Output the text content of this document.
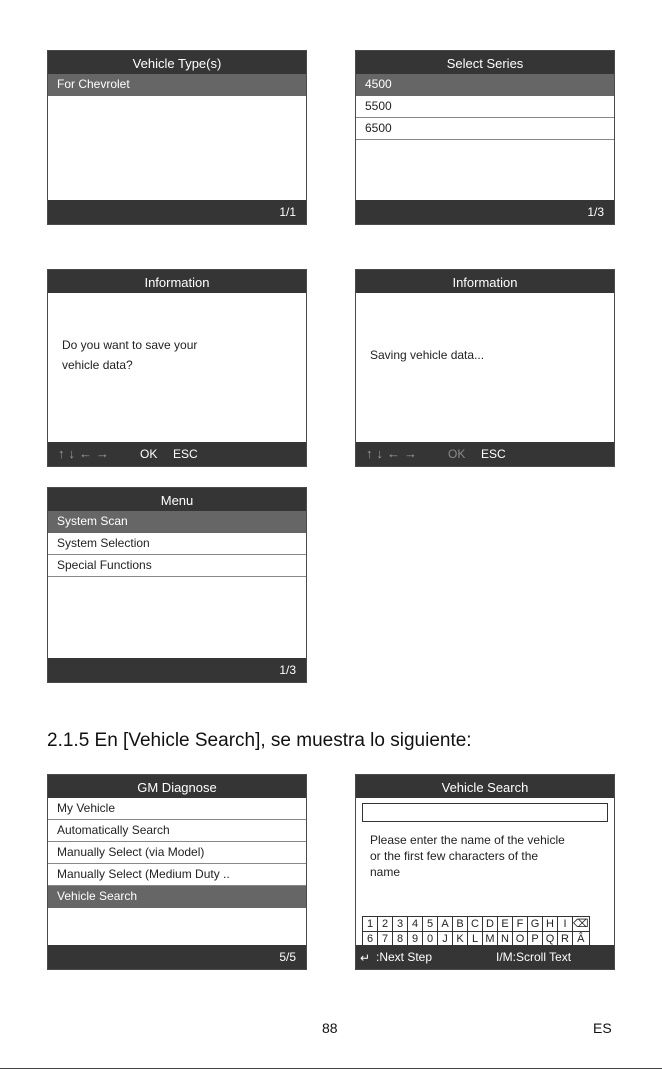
Vehicle Type(s)
For Chevrolet
1/1
Select Series
4500
5500
6500
1/3
Information
Do you want to save your
vehicle data?
↑↓←→ OK ESC
Information
Saving vehicle data...
↑↓←→ OK ESC
Menu
System Scan
System Selection
Special Functions
1/3
2.1.5 En [Vehicle Search], se muestra lo siguiente:
GM Diagnose
My Vehicle
Automatically Search
Manually Select (via Model)
Manually Select (Medium Duty ..
Vehicle Search
5/5
Vehicle Search
Please enter the name of the vehicle
or the first few characters of the
name
1	2	3	4	5	A	B	C	D	E	F	G	H	I	⌫
6	7	8	9	0	J	K	L	M	N	O	P	Q	R	Â

↵ :Next Step	I/M:Scroll Text
88	ES
